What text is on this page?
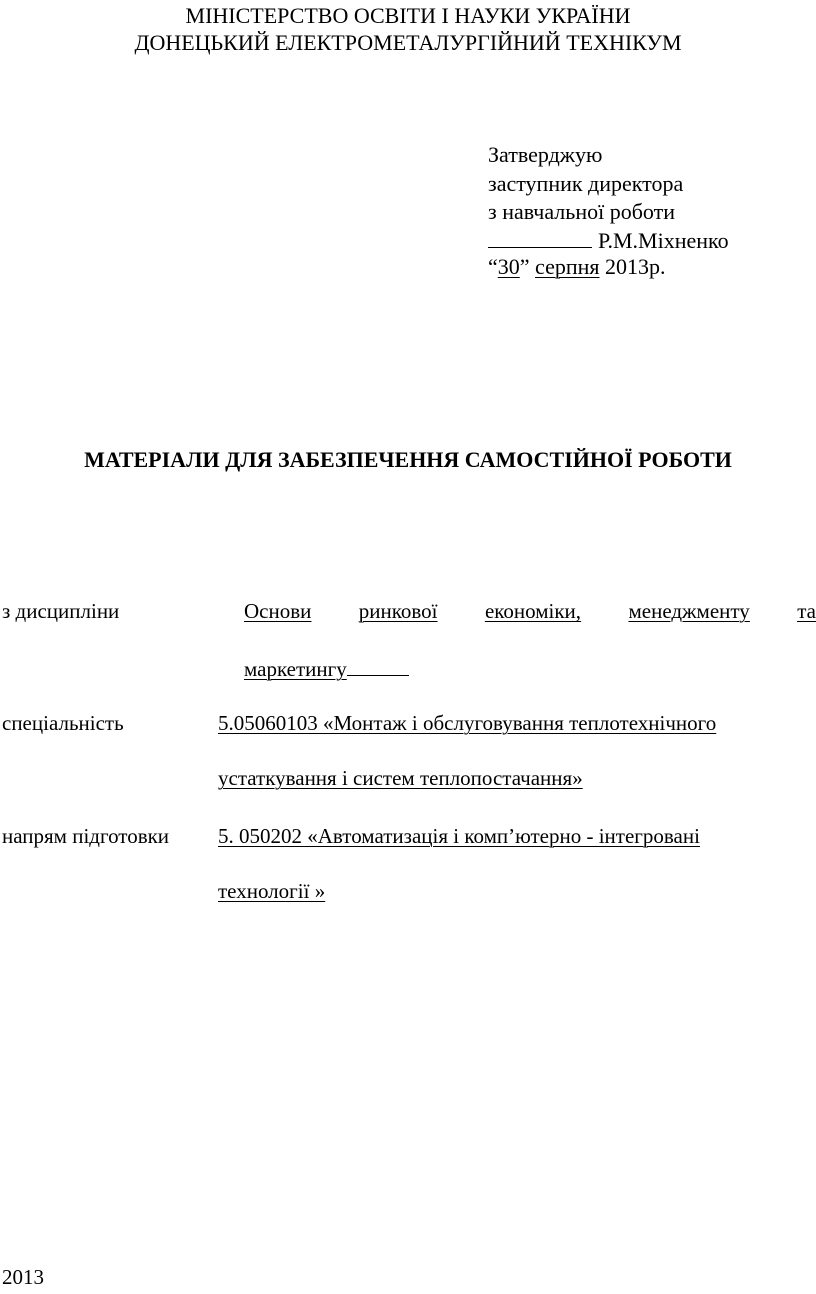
МІНІСТЕРСТВО ОСВІТИ І НАУКИ УКРАЇНИ
ДОНЕЦЬКИЙ ЕЛЕКТРОМЕТАЛУРГІЙНИЙ ТЕХНІКУМ
Затверджую
заступник директора
з навчальної роботи
Р.М.Міхненко
“30” серпня 2013р.
МАТЕРІАЛИ ДЛЯ ЗАБЕЗПЕЧЕННЯ САМОСТІЙНОЇ РОБОТИ
з дисципліни	Основи ринкової економіки, менеджменту та
маркетингу
спеціальність	5.05060103 «Монтаж і обслуговування теплотехнічного
устаткування і систем теплопостачання»
напрям підготовки 5. 050202 «Автоматизація і комп’ютерно - інтегровані
технології »
2013
